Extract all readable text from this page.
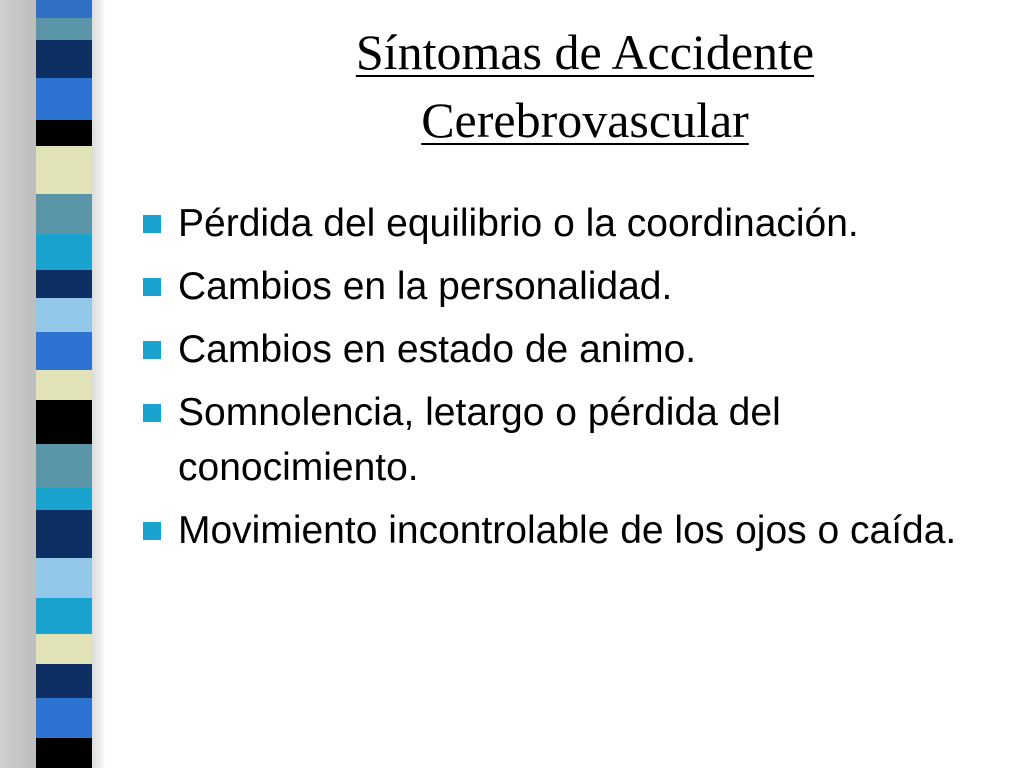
Síntomas de Accidente
Cerebrovascular
Pérdida del equilibrio o la coordinación.
Cambios en la personalidad.
Cambios en estado de animo.
Somnolencia, letargo o pérdida del conocimiento.
Movimiento incontrolable de los ojos o caída.
